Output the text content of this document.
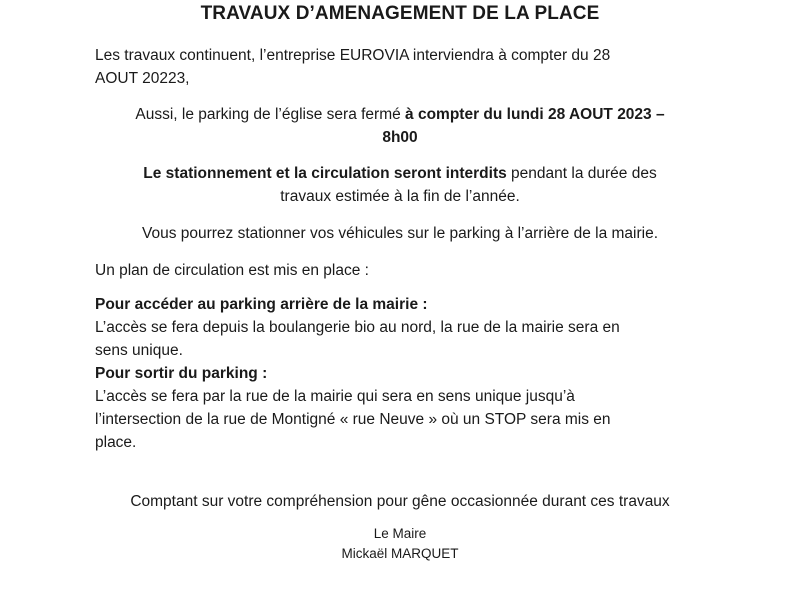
TRAVAUX D’AMENAGEMENT DE LA PLACE
Les travaux continuent, l’entreprise EUROVIA interviendra à compter du 28
AOUT 20223,
Aussi, le parking de l’église sera fermé à compter du lundi 28 AOUT 2023 –
8h00
Le stationnement et la circulation seront interdits pendant la durée des
travaux estimée à la fin de l’année.
Vous pourrez stationner vos véhicules sur le parking à l’arrière de la mairie.
Un plan de circulation est mis en place :
Pour accéder au parking arrière de la mairie :
L’accès se fera depuis la boulangerie bio au nord, la rue de la mairie sera en
sens unique.
Pour sortir du parking :
L’accès se fera par la rue de la mairie qui sera en sens unique jusqu’à
l’intersection de la rue de Montigné « rue Neuve » où un STOP sera mis en
place.
Comptant sur votre compréhension pour gêne occasionnée durant ces travaux
Le Maire
Mickaël MARQUET
